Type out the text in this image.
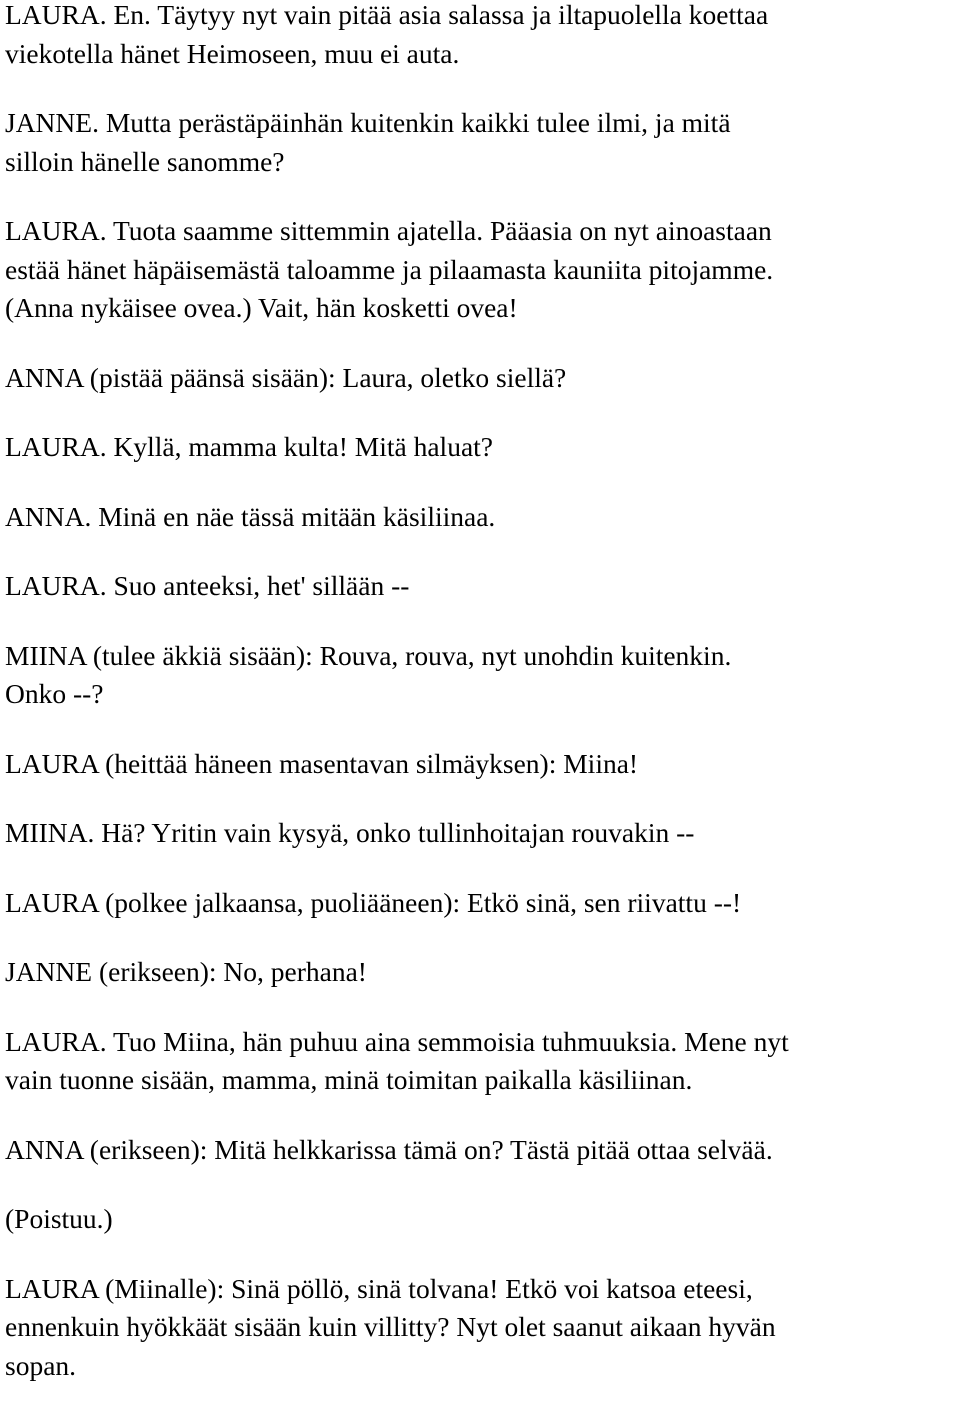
LAURA. En. Täytyy nyt vain pitää asia salassa ja iltapuolella koettaa
viekotella hänet Heimoseen, muu ei auta.

JANNE. Mutta perästäpäinhän kuitenkin kaikki tulee ilmi, ja mitä
silloin hänelle sanomme?

LAURA. Tuota saamme sittemmin ajatella. Pääasia on nyt ainoastaan
estää hänet häpäisemästä taloamme ja pilaamasta kauniita pitojamme.
(Anna nykäisee ovea.) Vait, hän kosketti ovea!

ANNA (pistää päänsä sisään): Laura, oletko siellä?

LAURA. Kyllä, mamma kulta! Mitä haluat?

ANNA. Minä en näe tässä mitään käsiliinaa.

LAURA. Suo anteeksi, het' sillään --

MIINA (tulee äkkiä sisään): Rouva, rouva, nyt unohdin kuitenkin.
Onko --?

LAURA (heittää häneen masentavan silmäyksen): Miina!

MIINA. Hä? Yritin vain kysyä, onko tullinhoitajan rouvakin --

LAURA (polkee jalkaansa, puoliääneen): Etkö sinä, sen riivattu --!

JANNE (erikseen): No, perhana!

LAURA. Tuo Miina, hän puhuu aina semmoisia tuhmuuksia. Mene nyt
vain tuonne sisään, mamma, minä toimitan paikalla käsiliinan.

ANNA (erikseen): Mitä helkkarissa tämä on? Tästä pitää ottaa selvää.

(Poistuu.)

LAURA (Miinalle): Sinä pöllö, sinä tolvana! Etkö voi katsoa eteesi,
ennenkuin hyökkäät sisään kuin villitty? Nyt olet saanut aikaan hyvän
sopan.
